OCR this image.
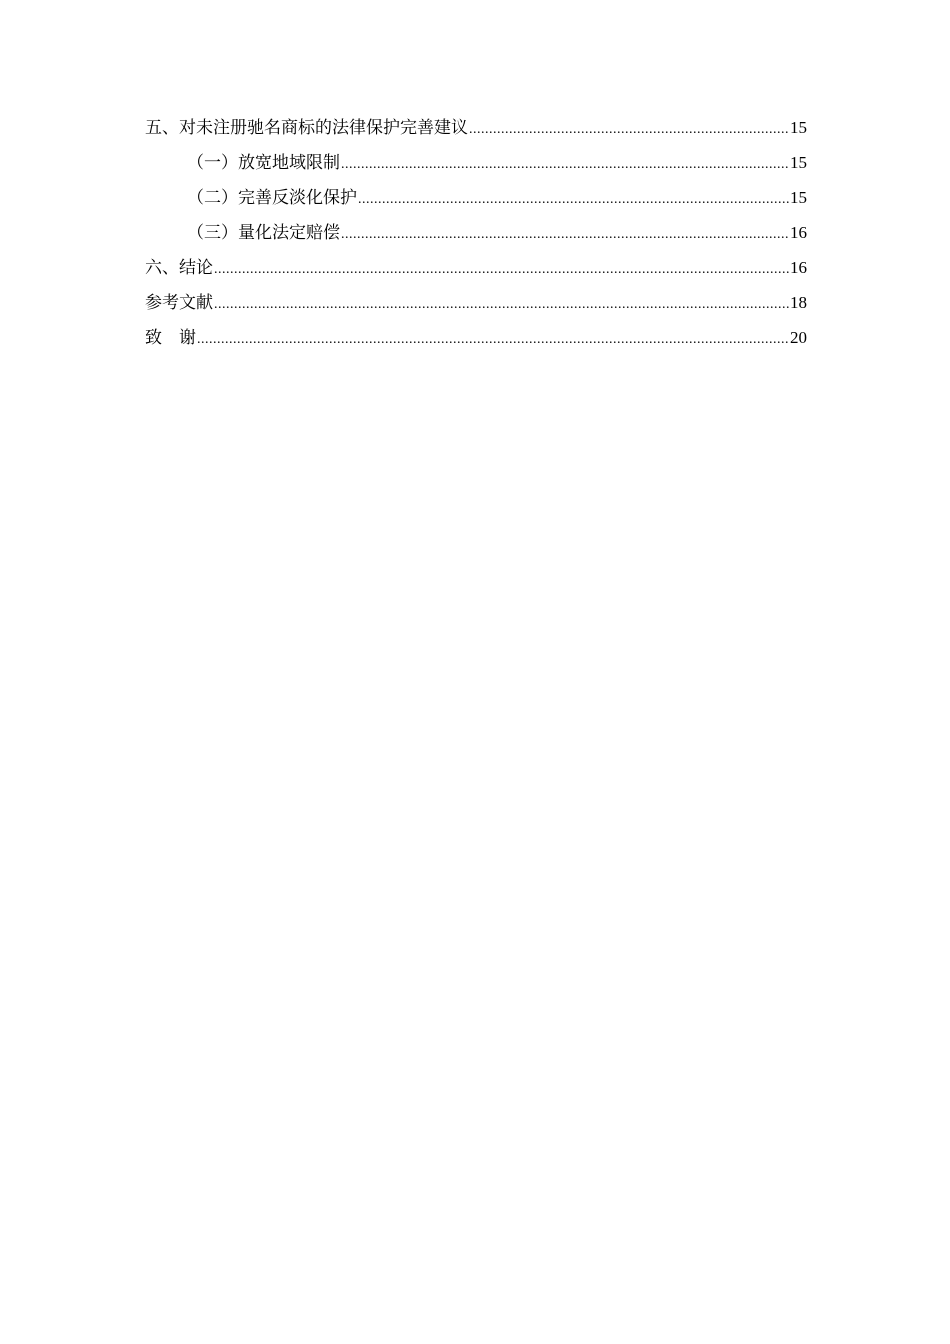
五、对未注册驰名商标的法律保护完善建议 .....	15
（一）放宽地域限制 .....	15
（二）完善反淡化保护 .....	15
（三）量化法定赔偿 .....	16
六、结论 .....	16
参考文献 .....	18
致　谢 .....	20
